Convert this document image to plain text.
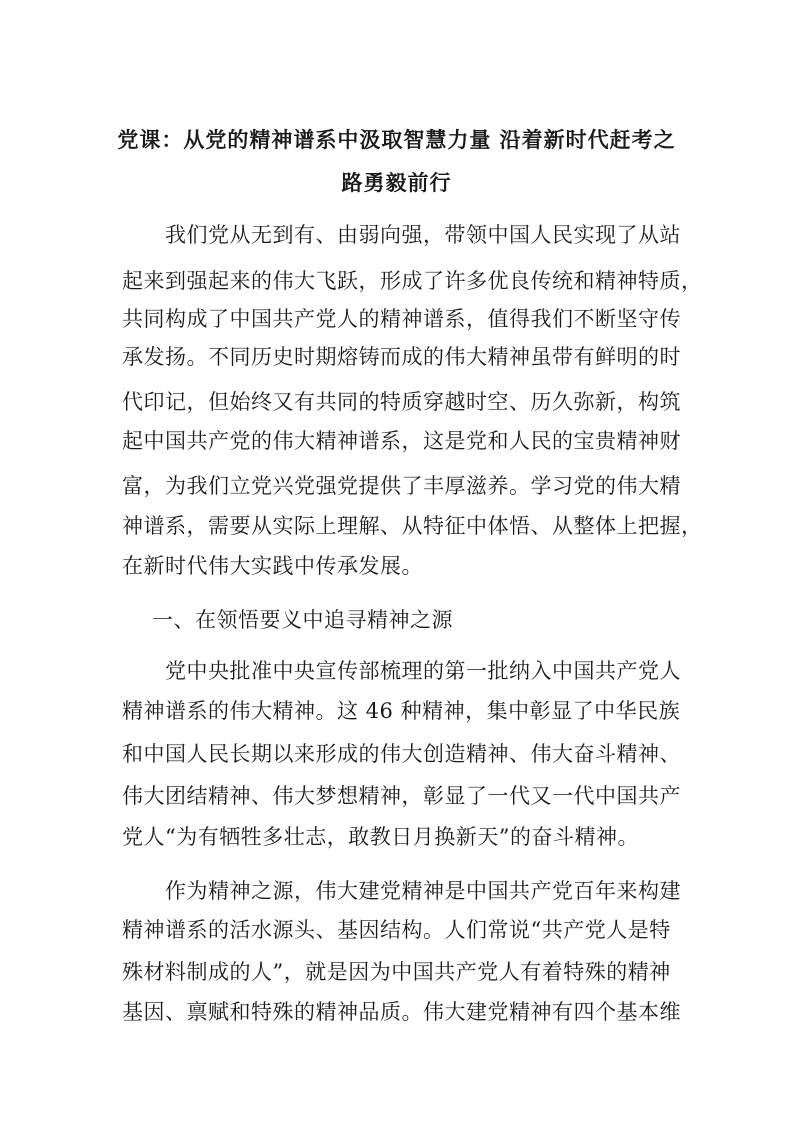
党课：从党的精神谱系中汲取智慧力量 沿着新时代赶考之
路勇毅前行
　　我们党从无到有、由弱向强，带领中国人民实现了从站
起来到强起来的伟大飞跃，形成了许多优良传统和精神特质，
共同构成了中国共产党人的精神谱系，值得我们不断坚守传
承发扬。不同历史时期熔铸而成的伟大精神虽带有鲜明的时
代印记，但始终又有共同的特质穿越时空、历久弥新，构筑
起中国共产党的伟大精神谱系，这是党和人民的宝贵精神财
富，为我们立党兴党强党提供了丰厚滋养。学习党的伟大精
神谱系，需要从实际上理解、从特征中体悟、从整体上把握，
在新时代伟大实践中传承发展。
一、在领悟要义中追寻精神之源
　　党中央批准中央宣传部梳理的第一批纳入中国共产党人
精神谱系的伟大精神。这 46 种精神，集中彰显了中华民族
和中国人民长期以来形成的伟大创造精神、伟大奋斗精神、
伟大团结精神、伟大梦想精神，彰显了一代又一代中国共产
党人“为有牺牲多壮志，敢教日月换新天”的奋斗精神。
　　作为精神之源，伟大建党精神是中国共产党百年来构建
精神谱系的活水源头、基因结构。人们常说“共产党人是特
殊材料制成的人”，就是因为中国共产党人有着特殊的精神
基因、禀赋和特殊的精神品质。伟大建党精神有四个基本维
